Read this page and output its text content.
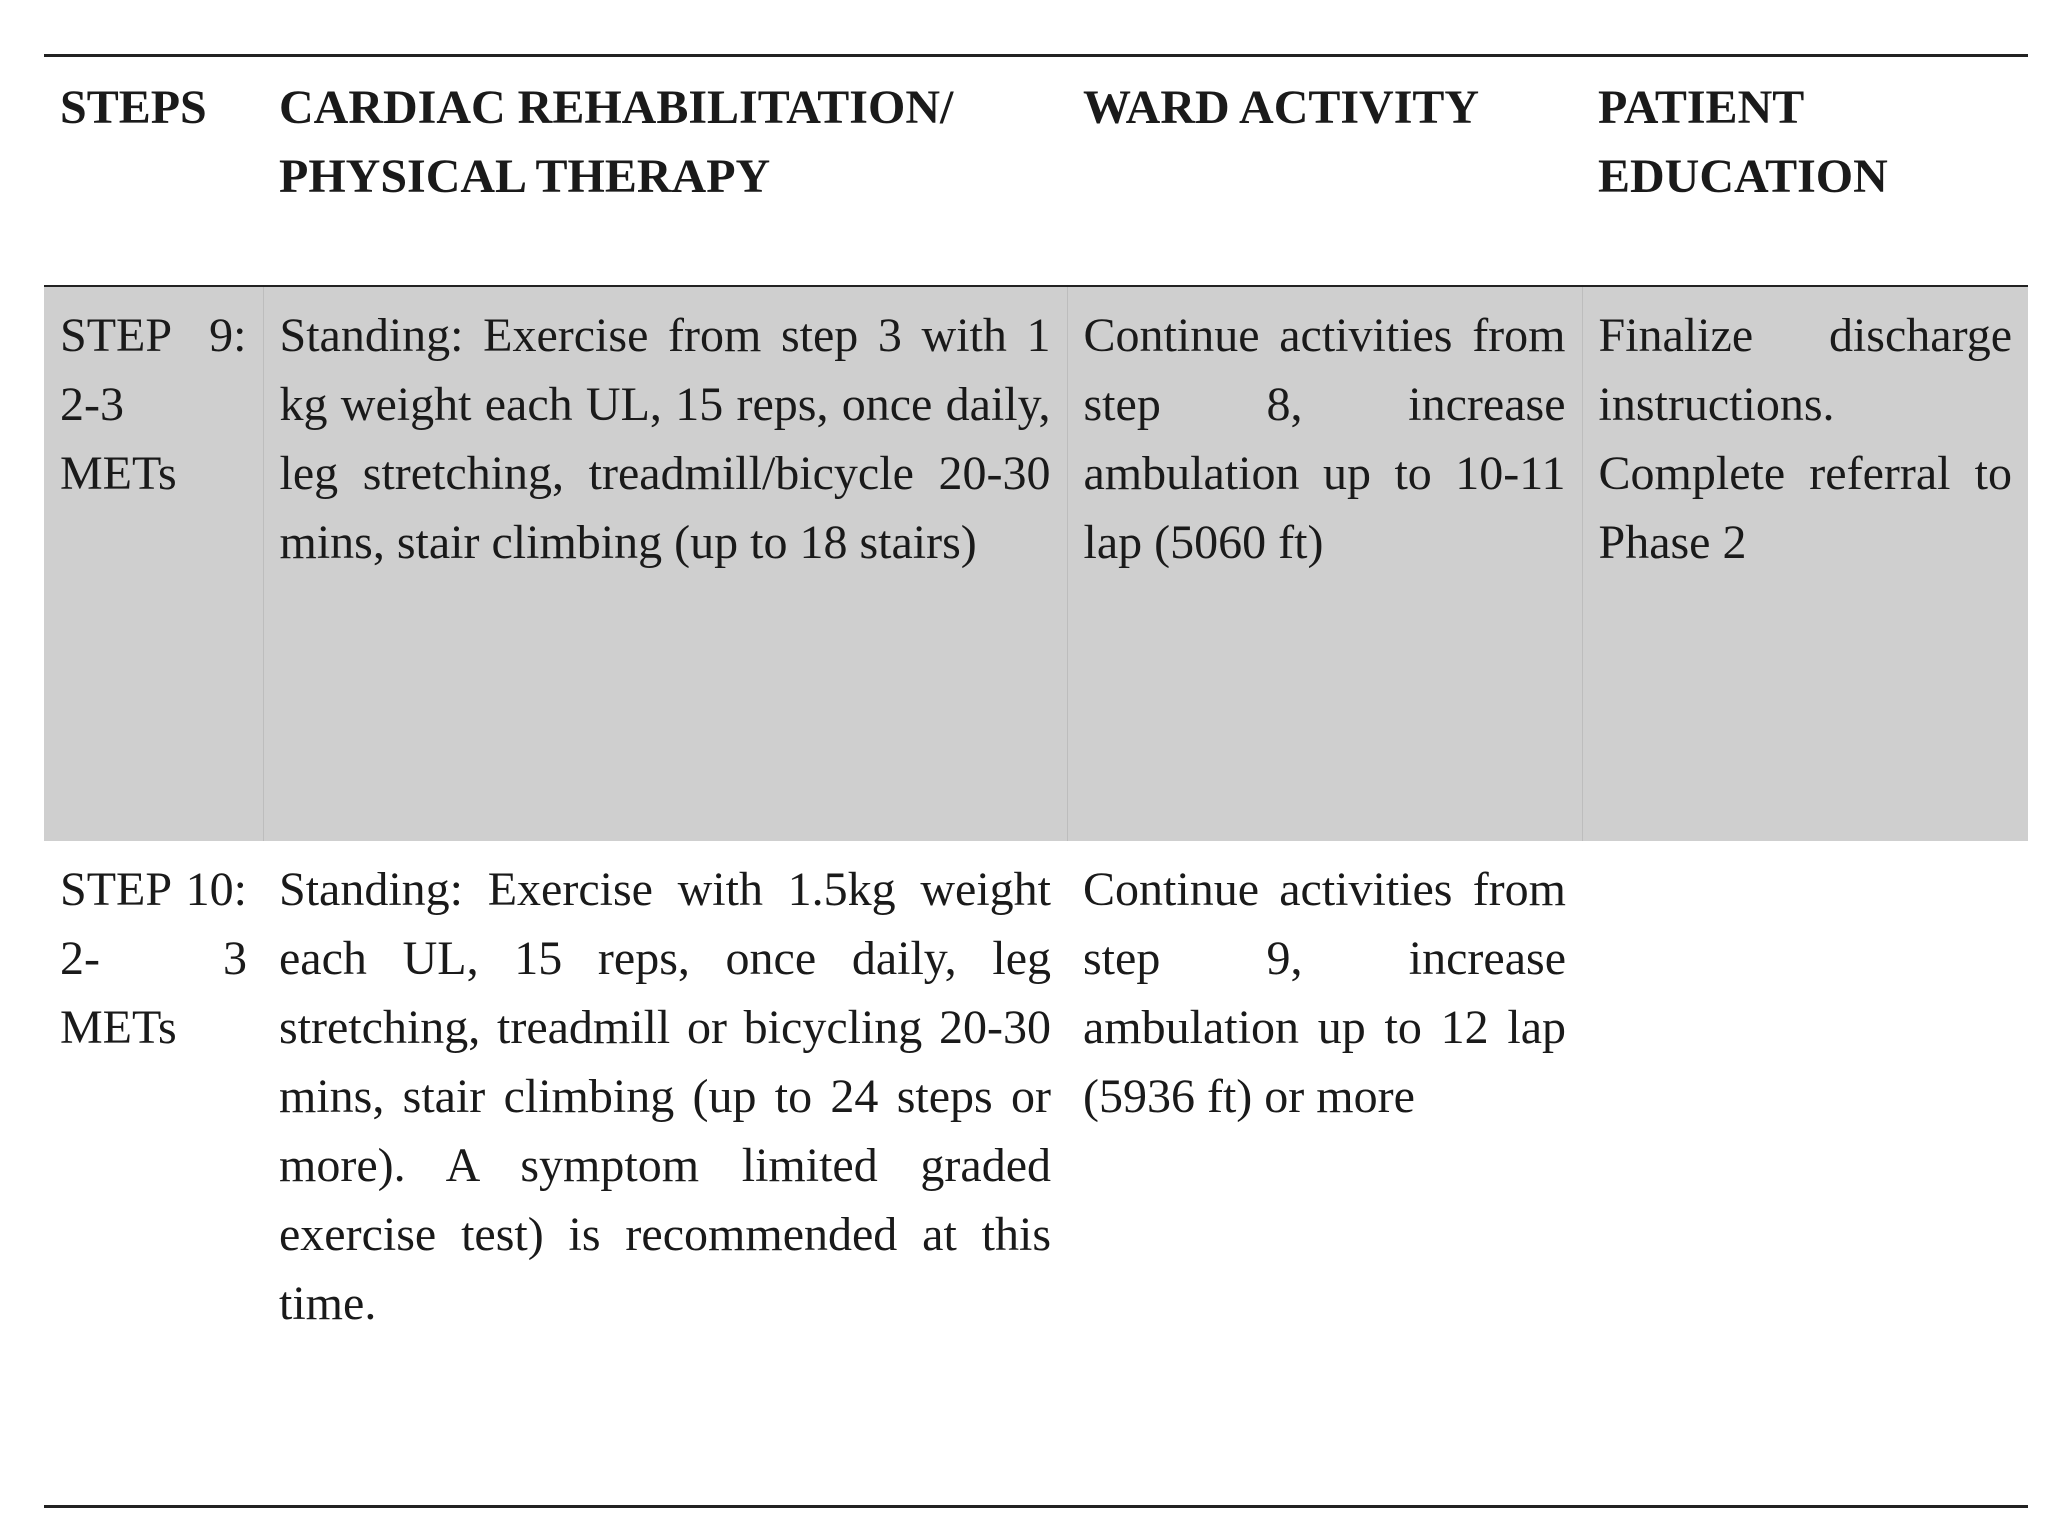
STEPS	CARDIAC REHABILITATION/ PHYSICAL THERAPY	WARD ACTIVITY	PATIENT EDUCATION
STEP 9: 2-3 METs	Standing: Exercise from step 3 with 1 kg weight each UL, 15 reps, once daily, leg stretching, treadmill/bicycle 20-30 mins, stair climbing (up to 18 stairs)	Continue activities from step 8, increase ambulation up to 10-11 lap (5060 ft)	Finalize discharge instructions. Complete referral to Phase 2
STEP 10: 2- 3 METs	Standing: Exercise with 1.5kg weight each UL, 15 reps, once daily, leg stretching, treadmill or bicycling 20-30 mins, stair climbing (up to 24 steps or more). A symptom limited graded exercise test) is recommended at this time.	Continue activities from step 9, increase ambulation up to 12 lap (5936 ft) or more	
